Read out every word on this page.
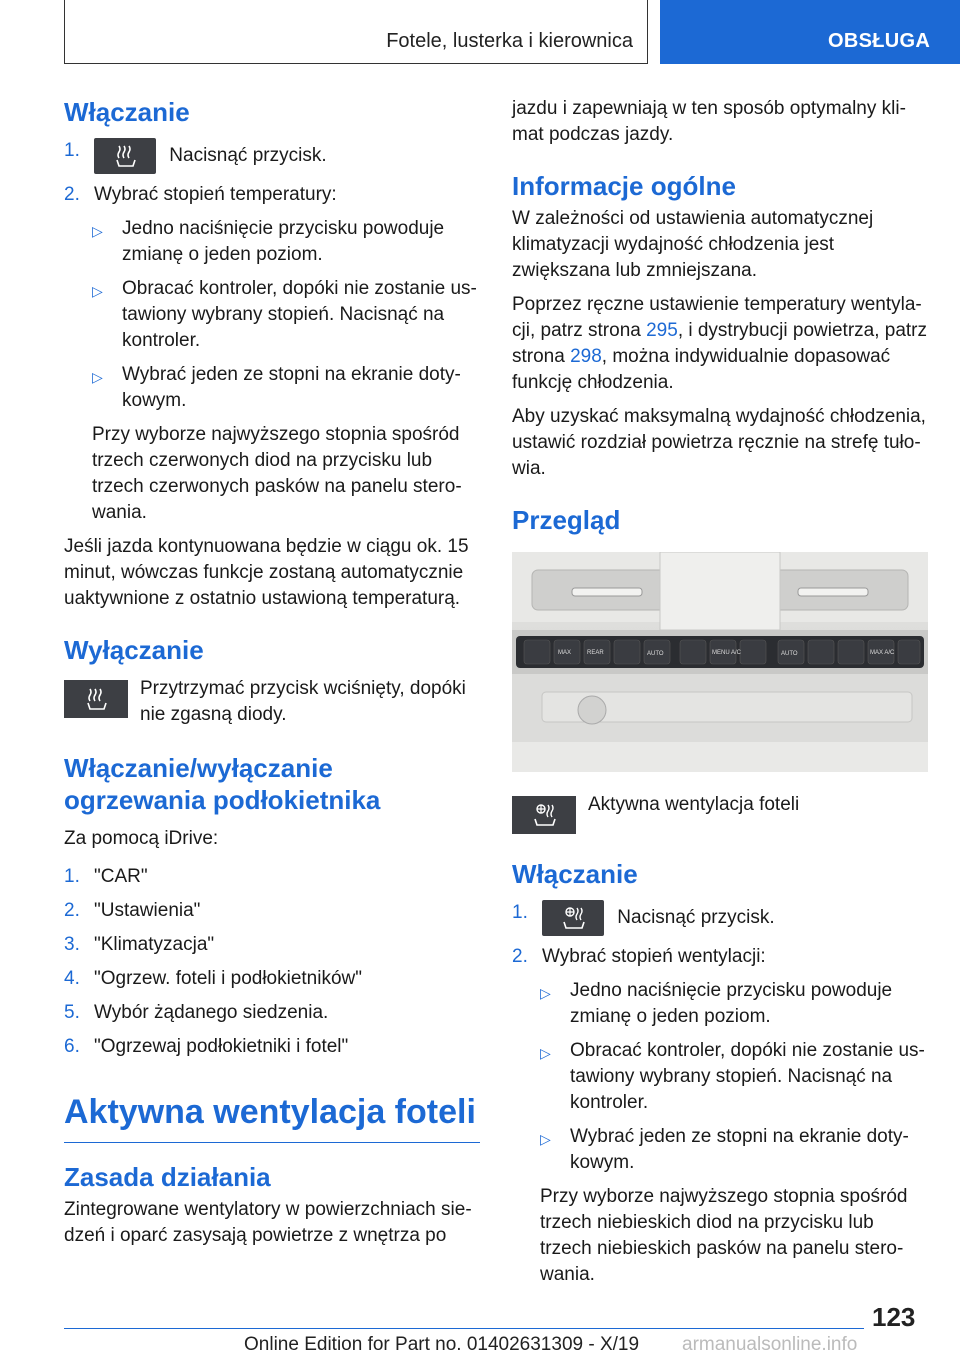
Fotele, lusterka i kierownica	OBSŁUGA
Włączanie
1.	Nacisnąć przycisk.
2. Wybrać stopień temperatury:
▷	Jedno naciśnięcie przycisku powoduje zmianę o jeden poziom.
▷	Obracać kontroler, dopóki nie zostanie ustawiony wybrany stopień. Nacisnąć na kontroler.
▷	Wybrać jeden ze stopni na ekranie dotykowym.

Przy wyborze najwyższego stopnia spośród trzech czerwonych diod na przycisku lub trzech czerwonych pasków na panelu sterowania.

Jeśli jazda kontynuowana będzie w ciągu ok. 15 minut, wówczas funkcje zostaną automatycznie uaktywnione z ostatnio ustawioną temperaturą.

Wyłączanie
Przytrzymać przycisk wciśnięty, dopóki nie zgasną diody.
Włączanie/wyłączanie ogrzewania podłokietnika

Za pomocą iDrive:

1. "CAR"
2. "Ustawienia"
3. "Klimatyzacja"
4. "Ogrzew. foteli i podłokietników"
5. Wybór żądanego siedzenia.
6. "Ogrzewaj podłokietniki i fotel"
Aktywna wentylacja foteli
Zasada działania

Zintegrowane wentylatory w powierzchniach siedzeń i oparć zasysają powietrze z wnętrza po

jazdu i zapewniają w ten sposób optymalny klimat podczas jazdy.

Informacje ogólne

W zależności od ustawienia automatycznej klimatyzacji wydajność chłodzenia jest zwiększana lub zmniejszana.

Poprzez ręczne ustawienie temperatury wentylacji, patrz strona 295, i dystrybucji powietrza, patrz strona 298, można indywidualnie dopasować funkcję chłodzenia.

Aby uzyskać maksymalną wydajność chłodzenia, ustawić rozdział powietrza ręcznie na strefę tułowia.

Przegląd
MAX	REAR	AUTO	MENU A/C	AUTO	MAX A/C
Aktywna wentylacja foteli
Włączanie
1.	Nacisnąć przycisk.
2. Wybrać stopień wentylacji:
▷	Jedno naciśnięcie przycisku powoduje zmianę o jeden poziom.
▷	Obracać kontroler, dopóki nie zostanie ustawiony wybrany stopień. Nacisnąć na kontroler.
▷	Wybrać jeden ze stopni na ekranie dotykowym.

Przy wyborze najwyższego stopnia spośród trzech niebieskich diod na przycisku lub trzech niebieskich pasków na panelu sterowania.

123
Online Edition for Part no. 01402631309 - X/19 armanualsonline.info
